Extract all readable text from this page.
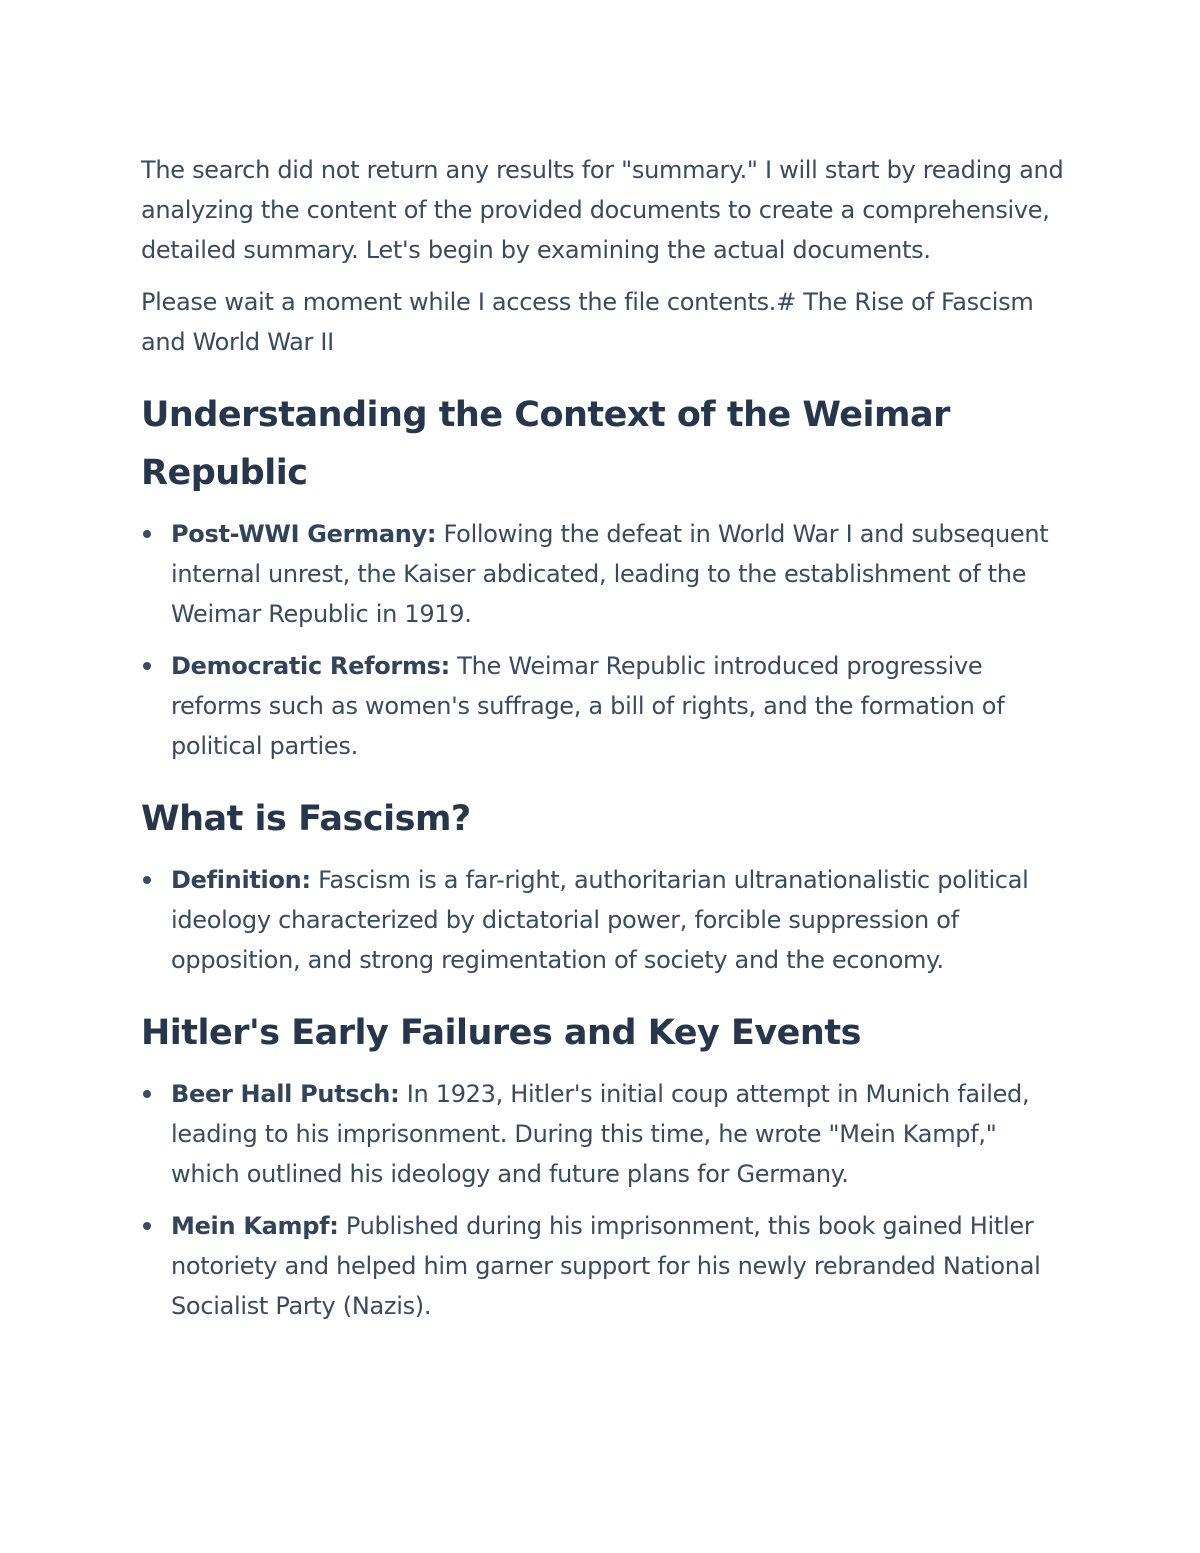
The search did not return any results for "summary." I will start by reading and analyzing the content of the provided documents to create a comprehensive, detailed summary. Let's begin by examining the actual documents.

Please wait a moment while I access the file contents.# The Rise of Fascism and World War II

Understanding the Context of the Weimar Republic
Post-WWI Germany: Following the defeat in World War I and subsequent internal unrest, the Kaiser abdicated, leading to the establishment of the Weimar Republic in 1919.
Democratic Reforms: The Weimar Republic introduced progressive reforms such as women's suffrage, a bill of rights, and the formation of political parties.
What is Fascism?
Definition: Fascism is a far-right, authoritarian ultranationalistic political ideology characterized by dictatorial power, forcible suppression of opposition, and strong regimentation of society and the economy.
Hitler's Early Failures and Key Events
Beer Hall Putsch: In 1923, Hitler's initial coup attempt in Munich failed, leading to his imprisonment. During this time, he wrote "Mein Kampf," which outlined his ideology and future plans for Germany.
Mein Kampf: Published during his imprisonment, this book gained Hitler notoriety and helped him garner support for his newly rebranded National Socialist Party (Nazis).
